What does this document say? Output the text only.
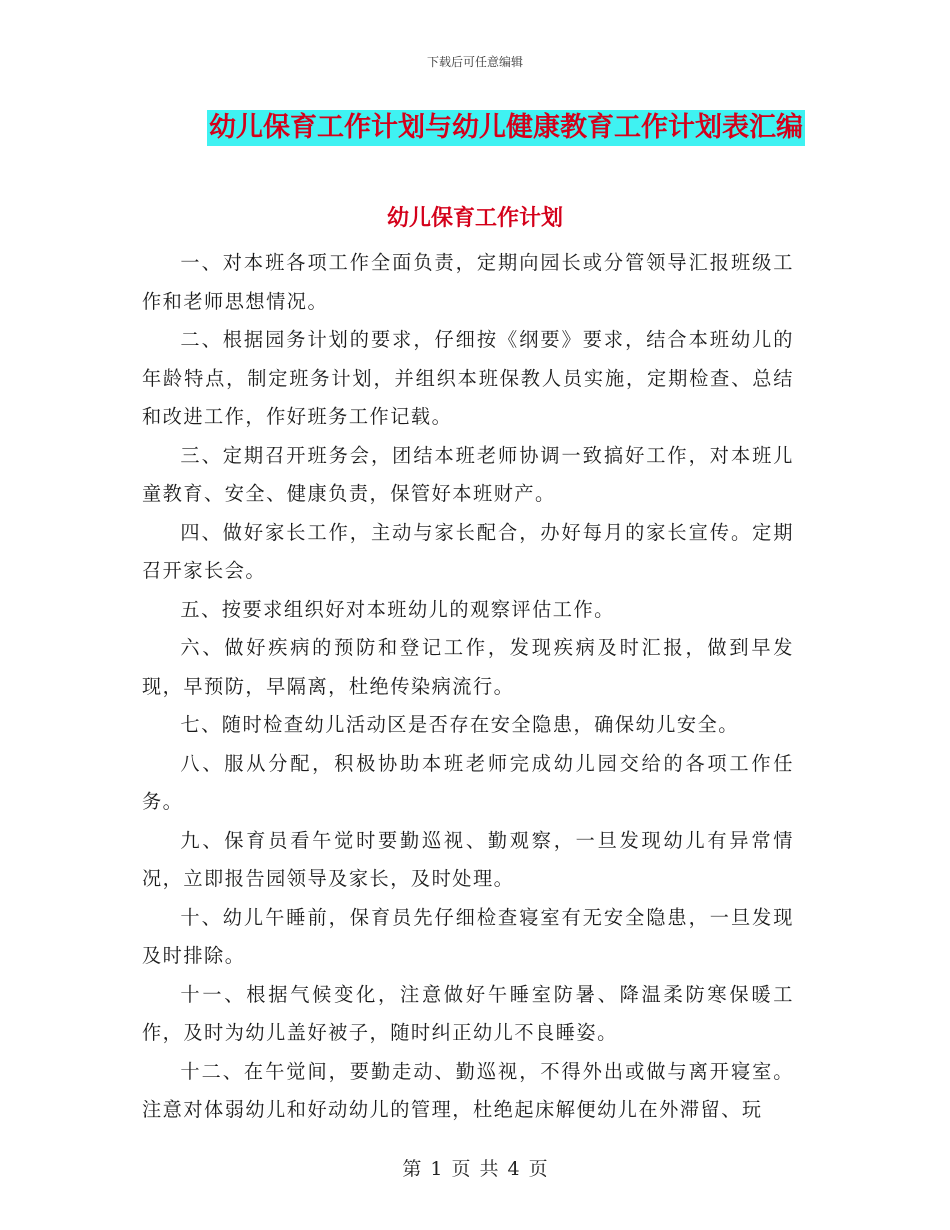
下载后可任意编辑
幼儿保育工作计划与幼儿健康教育工作计划表汇编
幼儿保育工作计划

一、对本班各项工作全面负责，定期向园长或分管领导汇报班级工作和老师思想情况。

二、根据园务计划的要求，仔细按《纲要》要求，结合本班幼儿的年龄特点，制定班务计划，并组织本班保教人员实施，定期检查、总结和改进工作，作好班务工作记载。

三、定期召开班务会，团结本班老师协调一致搞好工作，对本班儿童教育、安全、健康负责，保管好本班财产。

四、做好家长工作，主动与家长配合，办好每月的家长宣传。定期召开家长会。

五、按要求组织好对本班幼儿的观察评估工作。

六、做好疾病的预防和登记工作，发现疾病及时汇报，做到早发现，早预防，早隔离，杜绝传染病流行。

七、随时检查幼儿活动区是否存在安全隐患，确保幼儿安全。

八、服从分配，积极协助本班老师完成幼儿园交给的各项工作任务。

九、保育员看午觉时要勤巡视、勤观察，一旦发现幼儿有异常情况，立即报告园领导及家长，及时处理。

十、幼儿午睡前，保育员先仔细检查寝室有无安全隐患，一旦发现及时排除。

十一、根据气候变化，注意做好午睡室防暑、降温柔防寒保暖工作，及时为幼儿盖好被子，随时纠正幼儿不良睡姿。

十二、在午觉间，要勤走动、勤巡视，不得外出或做与离开寝室。注意对体弱幼儿和好动幼儿的管理，杜绝起床解便幼儿在外滞留、玩

第 1 页 共 4 页
